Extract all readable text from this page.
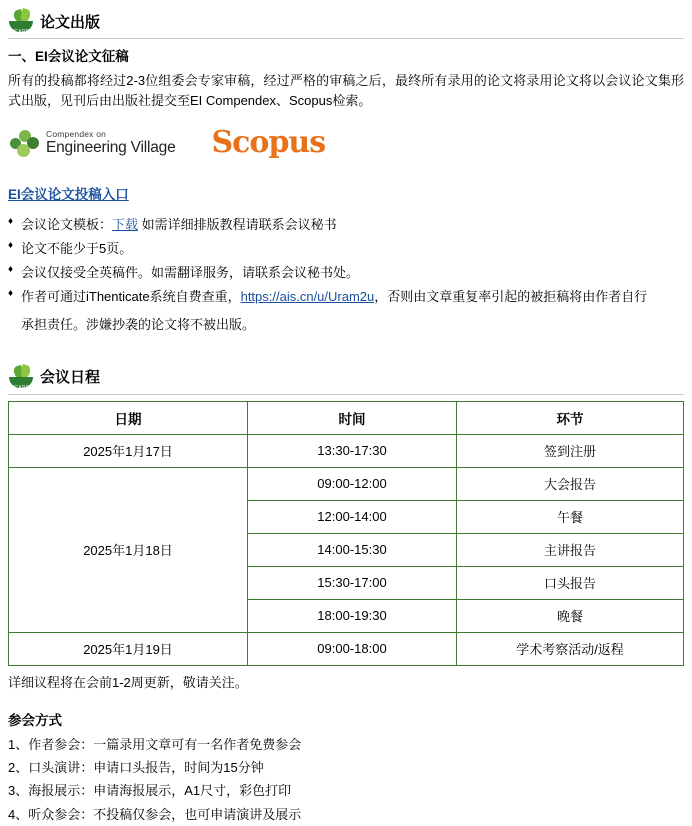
ICARE
论文出版
一、EI会议论文征稿

所有的投稿都将经过2-3位组委会专家审稿，经过严格的审稿之后，最终所有录用的论文将录用论文将以会议论文集形式出版，见刊后由出版社提交至EI Compendex、Scopus检索。

Compendex on
Engineering Village Scopus
EI会议论文投稿入口
♦ 会议论文模板：下载 如需详细排版教程请联系会议秘书
♦ 论文不能少于5页。
♦ 会议仅接受全英稿件。如需翻译服务，请联系会议秘书处。
♦ 作者可通过iThenticate系统自费查重，https://ais.cn/u/Uram2u，否则由文章重复率引起的被拒稿将由作者自行
承担责任。涉嫌抄袭的论文将不被出版。
ICARE
会议日程
日期	时间	环节
2025年1月17日	13:30-17:30	签到注册
2025年1月18日	09:00-12:00	大会报告
	12:00-14:00	午餐
	14:00-15:30	主讲报告
	15:30-17:00	口头报告
	18:00-19:30	晚餐
2025年1月19日	09:00-18:00	学术考察活动/返程

详细议程将在会前1-2周更新，敬请关注。

参会方式
1、作者参会：一篇录用文章可有一名作者免费参会
2、口头演讲：申请口头报告，时间为15分钟
3、海报展示：申请海报展示，A1尺寸，彩色打印
4、听众参会：不投稿仅参会，也可申请演讲及展示
